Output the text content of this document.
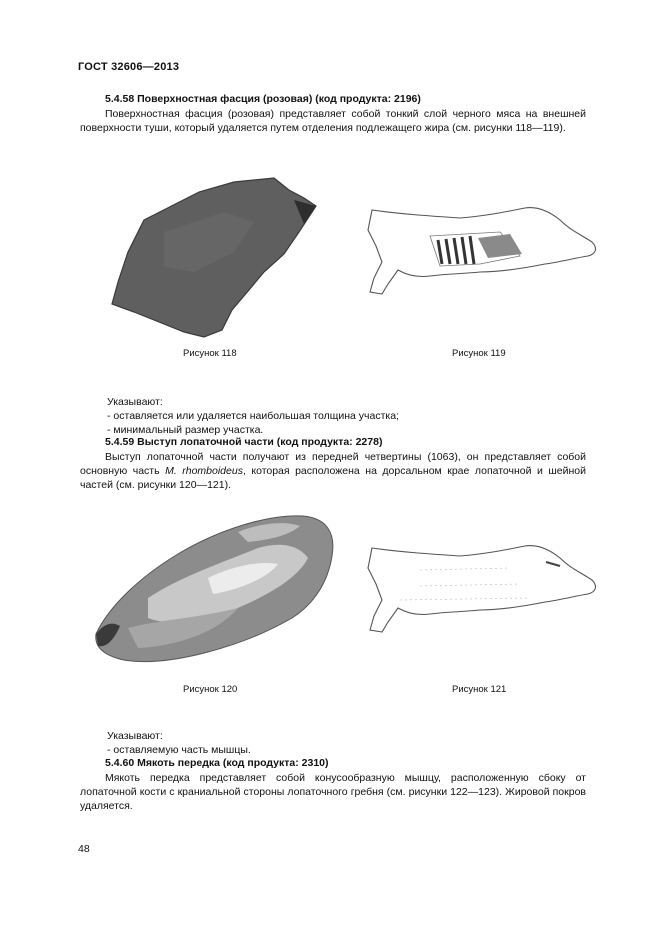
ГОСТ 32606—2013
5.4.58 Поверхностная фасция (розовая) (код продукта: 2196)

Поверхностная фасция (розовая) представляет собой тонкий слой черного мяса на внешней поверхности туши, который удаляется путем отделения подлежащего жира (см. рисунки 118—119).

Рисунок 118	Рисунок 119
Указывают:
- оставляется или удаляется наибольшая толщина участка;
- минимальный размер участка.
5.4.59 Выступ лопаточной части (код продукта: 2278)

Выступ лопаточной части получают из передней четвертины (1063), он представляет собой основную часть M. rhomboideus, которая расположена на дорсальном крае лопаточной и шейной частей (см. рисунки 120—121).

Рисунок 120	Рисунок 121
Указывают:
- оставляемую часть мышцы.
5.4.60 Мякоть передка (код продукта: 2310)

Мякоть передка представляет собой конусообразную мышцу, расположенную сбоку от лопаточной кости с краниальной стороны лопаточного гребня (см. рисунки 122—123). Жировой покров удаляется.

48
